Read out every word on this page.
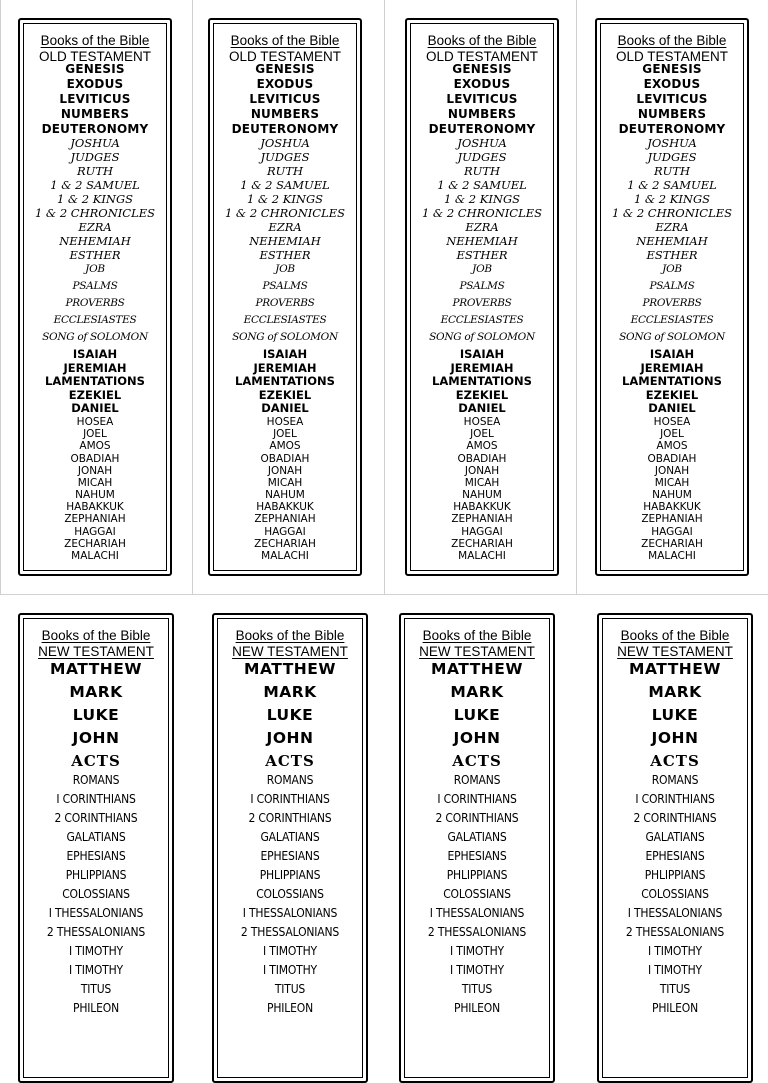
Books of the Bible
OLD TESTAMENT
GENESIS
EXODUS
LEVITICUS
NUMBERS
DEUTERONOMY
JOSHUA
JUDGES
RUTH
1 & 2 SAMUEL
1 & 2 KINGS
1 & 2 CHRONICLES
EZRA
NEHEMIAH
ESTHER
JOB
PSALMS
PROVERBS
ECCLESIASTES
SONG of SOLOMON
ISAIAH
JEREMIAH
LAMENTATIONS
EZEKIEL
DANIEL
HOSEA
JOEL
AMOS
OBADIAH
JONAH
MICAH
NAHUM
HABAKKUK
ZEPHANIAH
HAGGAI
ZECHARIAH
MALACHI
Books of the Bible
OLD TESTAMENT
GENESIS
EXODUS
LEVITICUS
NUMBERS
DEUTERONOMY
JOSHUA
JUDGES
RUTH
1 & 2 SAMUEL
1 & 2 KINGS
1 & 2 CHRONICLES
EZRA
NEHEMIAH
ESTHER
JOB
PSALMS
PROVERBS
ECCLESIASTES
SONG of SOLOMON
ISAIAH
JEREMIAH
LAMENTATIONS
EZEKIEL
DANIEL
HOSEA
JOEL
AMOS
OBADIAH
JONAH
MICAH
NAHUM
HABAKKUK
ZEPHANIAH
HAGGAI
ZECHARIAH
MALACHI
Books of the Bible
OLD TESTAMENT
GENESIS
EXODUS
LEVITICUS
NUMBERS
DEUTERONOMY
JOSHUA
JUDGES
RUTH
1 & 2 SAMUEL
1 & 2 KINGS
1 & 2 CHRONICLES
EZRA
NEHEMIAH
ESTHER
JOB
PSALMS
PROVERBS
ECCLESIASTES
SONG of SOLOMON
ISAIAH
JEREMIAH
LAMENTATIONS
EZEKIEL
DANIEL
HOSEA
JOEL
AMOS
OBADIAH
JONAH
MICAH
NAHUM
HABAKKUK
ZEPHANIAH
HAGGAI
ZECHARIAH
MALACHI
Books of the Bible
OLD TESTAMENT
GENESIS
EXODUS
LEVITICUS
NUMBERS
DEUTERONOMY
JOSHUA
JUDGES
RUTH
1 & 2 SAMUEL
1 & 2 KINGS
1 & 2 CHRONICLES
EZRA
NEHEMIAH
ESTHER
JOB
PSALMS
PROVERBS
ECCLESIASTES
SONG of SOLOMON
ISAIAH
JEREMIAH
LAMENTATIONS
EZEKIEL
DANIEL
HOSEA
JOEL
AMOS
OBADIAH
JONAH
MICAH
NAHUM
HABAKKUK
ZEPHANIAH
HAGGAI
ZECHARIAH
MALACHI
Books of the Bible
NEW TESTAMENT
MATTHEW
MARK
LUKE
JOHN
ACTS
ROMANS
I CORINTHIANS
2 CORINTHIANS
GALATIANS
EPHESIANS
PHLIPPIANS
COLOSSIANS
I THESSALONIANS
2 THESSALONIANS
I TIMOTHY
I TIMOTHY
TITUS
PHILEON
Books of the Bible
NEW TESTAMENT
MATTHEW
MARK
LUKE
JOHN
ACTS
ROMANS
I CORINTHIANS
2 CORINTHIANS
GALATIANS
EPHESIANS
PHLIPPIANS
COLOSSIANS
I THESSALONIANS
2 THESSALONIANS
I TIMOTHY
I TIMOTHY
TITUS
PHILEON
Books of the Bible
NEW TESTAMENT
MATTHEW
MARK
LUKE
JOHN
ACTS
ROMANS
I CORINTHIANS
2 CORINTHIANS
GALATIANS
EPHESIANS
PHLIPPIANS
COLOSSIANS
I THESSALONIANS
2 THESSALONIANS
I TIMOTHY
I TIMOTHY
TITUS
PHILEON
Books of the Bible
NEW TESTAMENT
MATTHEW
MARK
LUKE
JOHN
ACTS
ROMANS
I CORINTHIANS
2 CORINTHIANS
GALATIANS
EPHESIANS
PHLIPPIANS
COLOSSIANS
I THESSALONIANS
2 THESSALONIANS
I TIMOTHY
I TIMOTHY
TITUS
PHILEON
